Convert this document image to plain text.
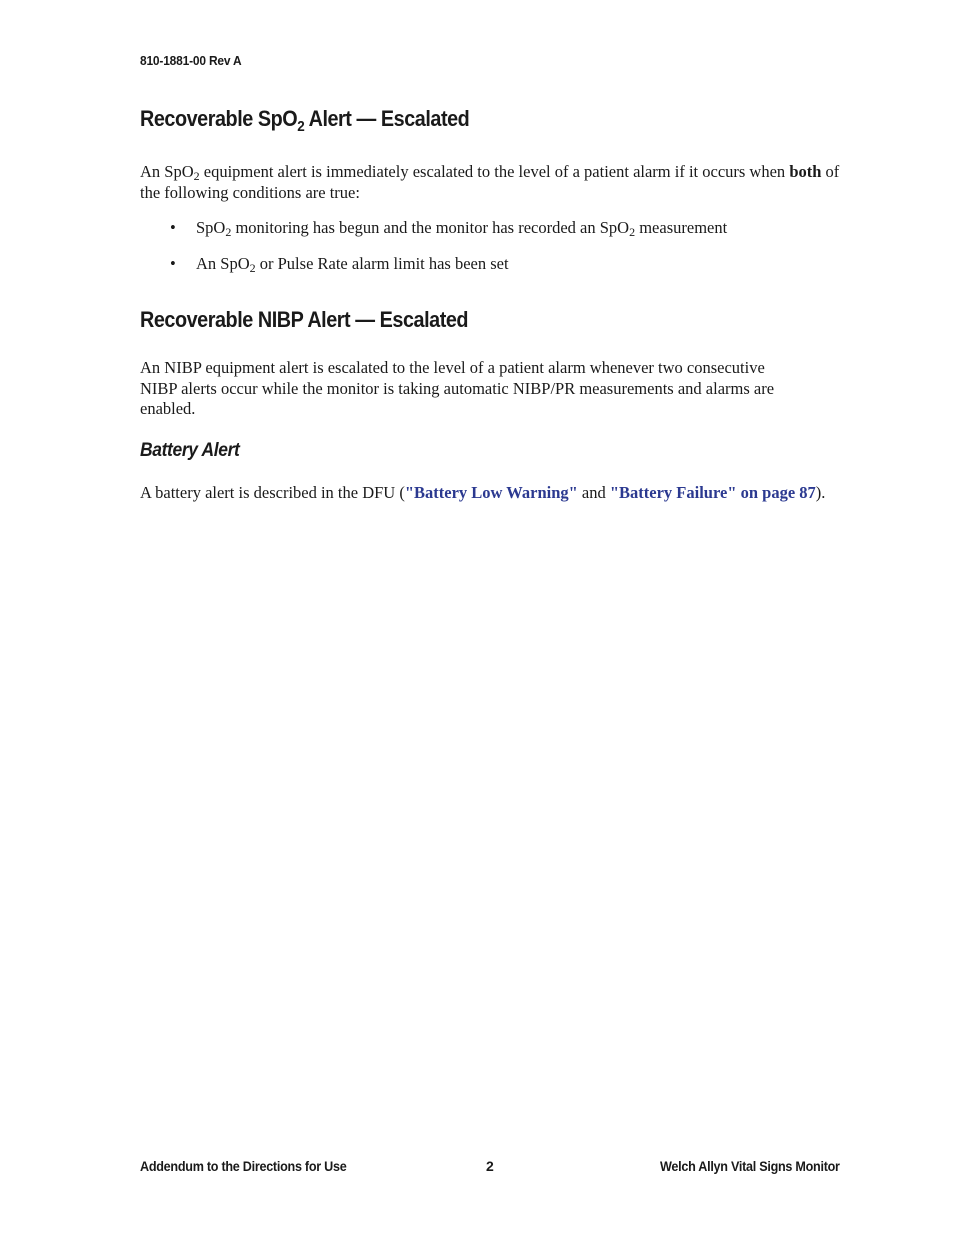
810-1881-00 Rev A
Recoverable SpO$_2$ Alert — Escalated

An SpO$_2$ equipment alert is immediately escalated to the level of a patient alarm if it occurs when both of the following conditions are true:

• SpO$_2$ monitoring has begun and the monitor has recorded an SpO$_2$ measurement

• An SpO$_2$ or Pulse Rate alarm limit has been set

Recoverable NIBP Alert — Escalated

An NIBP equipment alert is escalated to the level of a patient alarm whenever two consecutive NIBP alerts occur while the monitor is taking automatic NIBP/PR measurements and alarms are enabled.

Battery Alert

A battery alert is described in the DFU ("Battery Low Warning" and "Battery Failure" on page 87).

Addendum to the Directions for Use	2	Welch Allyn Vital Signs Monitor
